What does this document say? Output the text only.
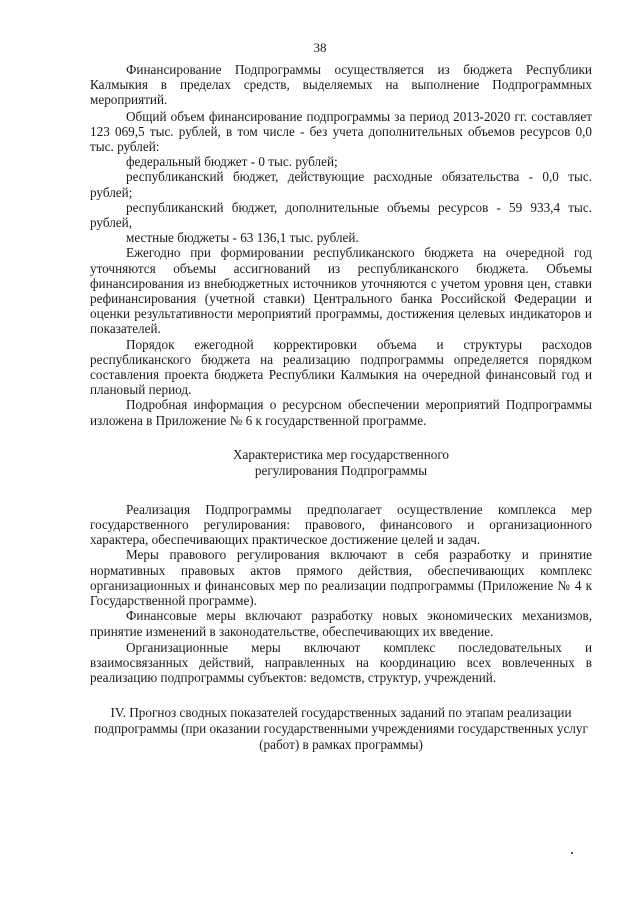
38

Финансирование Подпрограммы осуществляется из бюджета Республики Калмыкия в пределах средств, выделяемых на выполнение Подпрограммных мероприятий.

Общий объем финансирование подпрограммы за период 2013-2020 гг. составляет 123 069,5 тыс. рублей, в том числе - без учета дополнительных объемов ресурсов 0,0 тыс. рублей:

федеральный бюджет - 0 тыс. рублей;

республиканский бюджет, действующие расходные обязательства - 0,0 тыс. рублей;

республиканский бюджет, дополнительные объемы ресурсов - 59 933,4 тыс. рублей,

местные бюджеты - 63 136,1 тыс. рублей.

Ежегодно при формировании республиканского бюджета на очередной год уточняются объемы ассигнований из республиканского бюджета. Объемы финансирования из внебюджетных источников уточняются с учетом уровня цен, ставки рефинансирования (учетной ставки) Центрального банка Российской Федерации и оценки результативности мероприятий программы, достижения целевых индикаторов и показателей.

Порядок ежегодной корректировки объема и структуры расходов республиканского бюджета на реализацию подпрограммы определяется порядком составления проекта бюджета Республики Калмыкия на очередной финансовый год и плановый период.

Подробная информация о ресурсном обеспечении мероприятий Подпрограммы изложена в Приложение № 6 к государственной программе.

Характеристика мер государственного
регулирования Подпрограммы

Реализация Подпрограммы предполагает осуществление комплекса мер государственного регулирования: правового, финансового и организационного характера, обеспечивающих практическое достижение целей и задач.

Меры правового регулирования включают в себя разработку и принятие нормативных правовых актов прямого действия, обеспечивающих комплекс организационных и финансовых мер по реализации подпрограммы (Приложение № 4 к Государственной программе).

Финансовые меры включают разработку новых экономических механизмов, принятие изменений в законодательстве, обеспечивающих их введение.

Организационные меры включают комплекс последовательных и взаимосвязанных действий, направленных на координацию всех вовлеченных в реализацию подпрограммы субъектов: ведомств, структур, учреждений.

IV. Прогноз сводных показателей государственных заданий по этапам реализации подпрограммы (при оказании государственными учреждениями государственных услуг (работ) в рамках программы)
